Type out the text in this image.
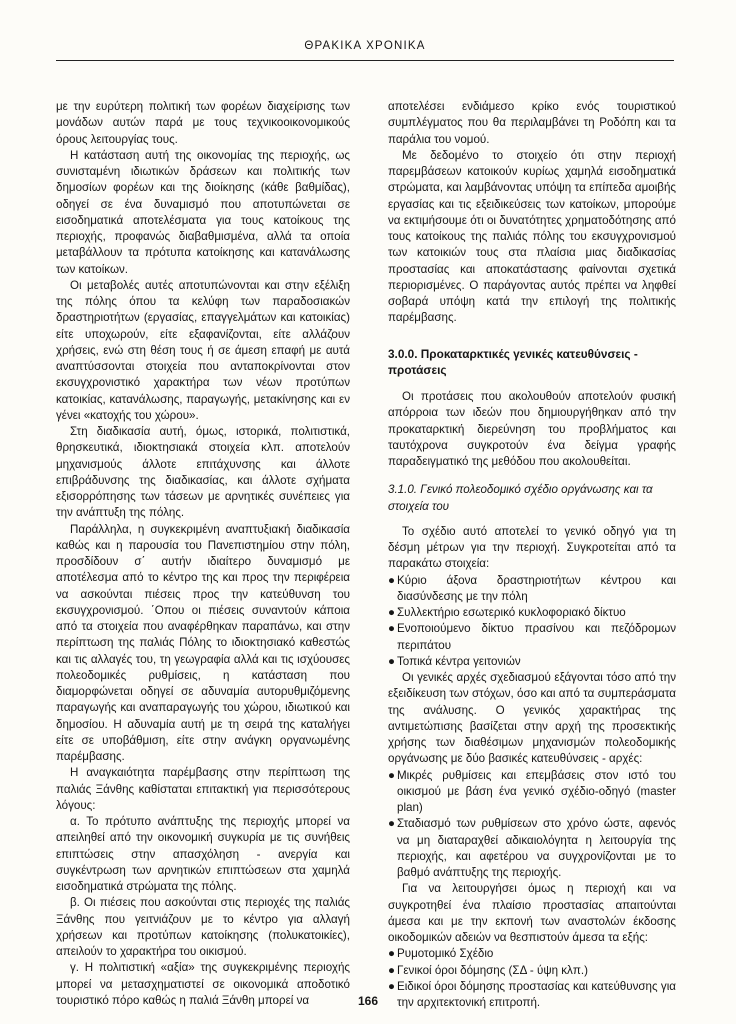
ΘΡΑΚΙΚΑ ΧΡΟΝΙΚΑ

με την ευρύτερη πολιτική των φορέων διαχείρισης των μονάδων αυτών παρά με τους τεχνικοοικονομικούς όρους λειτουργίας τους.

Η κατάσταση αυτή της οικονομίας της περιοχής, ως συνισταμένη ιδιωτικών δράσεων και πολιτικής των δημοσίων φορέων και της διοίκησης (κάθε βαθμίδας), οδηγεί σε ένα δυναμισμό που αποτυπώνεται σε εισοδηματικά αποτελέσματα για τους κατοίκους της περιοχής, προφανώς διαβαθμισμένα, αλλά τα οποία μεταβάλλουν τα πρότυπα κατοίκησης και κατανάλωσης των κατοίκων.

Οι μεταβολές αυτές αποτυπώνονται και στην εξέλιξη της πόλης όπου τα κελύφη των παραδοσιακών δραστηριοτήτων (εργασίας, επαγγελμάτων και κατοικίας) είτε υποχωρούν, είτε εξαφανίζονται, είτε αλλάζουν χρήσεις, ενώ στη θέση τους ή σε άμεση επαφή με αυτά αναπτύσσονται στοιχεία που ανταποκρίνονται στον εκσυγχρονιστικό χαρακτήρα των νέων προτύπων κατοικίας, κατανάλωσης, παραγωγής, μετακίνησης και εν γένει «κατοχής του χώρου».

Στη διαδικασία αυτή, όμως, ιστορικά, πολιτιστικά, θρησκευτικά, ιδιοκτησιακά στοιχεία κλπ. αποτελούν μηχανισμούς άλλοτε επιτάχυνσης και άλλοτε επιβράδυνσης της διαδικασίας, και άλλοτε σχήματα εξισορρόπησης των τάσεων με αρνητικές συνέπειες για την ανάπτυξη της πόλης.

Παράλληλα, η συγκεκριμένη αναπτυξιακή διαδικασία καθώς και η παρουσία του Πανεπιστημίου στην πόλη, προσδίδουν σ΄ αυτήν ιδιαίτερο δυναμισμό με αποτέλεσμα από το κέντρο της και προς την περιφέρεια να ασκούνται πιέσεις προς την κατεύθυνση του εκσυγχρονισμού. ΄Οπου οι πιέσεις συναντούν κάποια από τα στοιχεία που αναφέρθηκαν παραπάνω, και στην περίπτωση της παλιάς Πόλης το ιδιοκτησιακό καθεστώς και τις αλλαγές του, τη γεωγραφία αλλά και τις ισχύουσες πολεοδομικές ρυθμίσεις, η κατάσταση που διαμορφώνεται οδηγεί σε αδυναμία αυτορυθμιζόμενης παραγωγής και αναπαραγωγής του χώρου, ιδιωτικού και δημοσίου. Η αδυναμία αυτή με τη σειρά της καταλήγει είτε σε υποβάθμιση, είτε στην ανάγκη οργανωμένης παρέμβασης.

Η αναγκαιότητα παρέμβασης στην περίπτωση της παλιάς Ξάνθης καθίσταται επιτακτική για περισσότερους λόγους:

α. Το πρότυπο ανάπτυξης της περιοχής μπορεί να απειληθεί από την οικονομική συγκυρία με τις συνήθεις επιπτώσεις στην απασχόληση - ανεργία και συγκέντρωση των αρνητικών επιπτώσεων στα χαμηλά εισοδηματικά στρώματα της πόλης.

β. Οι πιέσεις που ασκούνται στις περιοχές της παλιάς Ξάνθης που γειτνιάζουν με το κέντρο για αλλαγή χρήσεων και προτύπων κατοίκησης (πολυκατοικίες), απειλούν το χαρακτήρα του οικισμού.

γ. Η πολιτιστική «αξία» της συγκεκριμένης περιοχής μπορεί να μετασχηματιστεί σε οικονομικά αποδοτικό τουριστικό πόρο καθώς η παλιά Ξάνθη μπορεί να

αποτελέσει ενδιάμεσο κρίκο ενός τουριστικού συμπλέγματος που θα περιλαμβάνει τη Ροδόπη και τα παράλια του νομού.

Με δεδομένο το στοιχείο ότι στην περιοχή παρεμβάσεων κατοικούν κυρίως χαμηλά εισοδηματικά στρώματα, και λαμβάνοντας υπόψη τα επίπεδα αμοιβής εργασίας και τις εξειδικεύσεις των κατοίκων, μπορούμε να εκτιμήσουμε ότι οι δυνατότητες χρηματοδότησης από τους κατοίκους της παλιάς πόλης του εκσυγχρονισμού των κατοικιών τους στα πλαίσια μιας διαδικασίας προστασίας και αποκατάστασης φαίνονται σχετικά περιορισμένες. Ο παράγοντας αυτός πρέπει να ληφθεί σοβαρά υπόψη κατά την επιλογή της πολιτικής παρέμβασης.

3.0.0. Προκαταρκτικές γενικές κατευθύνσεις - προτάσεις

Οι προτάσεις που ακολουθούν αποτελούν φυσική απόρροια των ιδεών που δημιουργήθηκαν από την προκαταρκτική διερεύνηση του προβλήματος και ταυτόχρονα συγκροτούν ένα δείγμα γραφής παραδειγματικό της μεθόδου που ακολουθείται.

3.1.0. Γενικό πολεοδομικό σχέδιο οργάνωσης και τα στοιχεία του

Το σχέδιο αυτό αποτελεί το γενικό οδηγό για τη δέσμη μέτρων για την περιοχή. Συγκροτείται από τα παρακάτω στοιχεία:

● Κύριο άξονα δραστηριοτήτων κέντρου και διασύνδεσης με την πόλη

● Συλλεκτήριο εσωτερικό κυκλοφοριακό δίκτυο

● Ενοποιούμενο δίκτυο πρασίνου και πεζόδρομων περιπάτου

● Τοπικά κέντρα γειτονιών

Οι γενικές αρχές σχεδιασμού εξάγονται τόσο από την εξειδίκευση των στόχων, όσο και από τα συμπεράσματα της ανάλυσης. Ο γενικός χαρακτήρας της αντιμετώπισης βασίζεται στην αρχή της προσεκτικής χρήσης των διαθέσιμων μηχανισμών πολεοδομικής οργάνωσης με δύο βασικές κατευθύνσεις - αρχές:

● Μικρές ρυθμίσεις και επεμβάσεις στον ιστό του οικισμού με βάση ένα γενικό σχέδιο-οδηγό (master plan)

● Σταδιασμό των ρυθμίσεων στο χρόνο ώστε, αφενός να μη διαταραχθεί αδικαιολόγητα η λειτουργία της περιοχής, και αφετέρου να συγχρονίζονται με το βαθμό ανάπτυξης της περιοχής.

Για να λειτουργήσει όμως η περιοχή και να συγκροτηθεί ένα πλαίσιο προστασίας απαιτούνται άμεσα και με την εκπονή των αναστολών έκδοσης οικοδομικών αδειών να θεσπιστούν άμεσα τα εξής:

● Ρυμοτομικό Σχέδιο

● Γενικοί όροι δόμησης (ΣΔ - ύψη κλπ.)

● Ειδικοί όροι δόμησης προστασίας και κατεύθυνσης για την αρχιτεκτονική επιτροπή.

166
